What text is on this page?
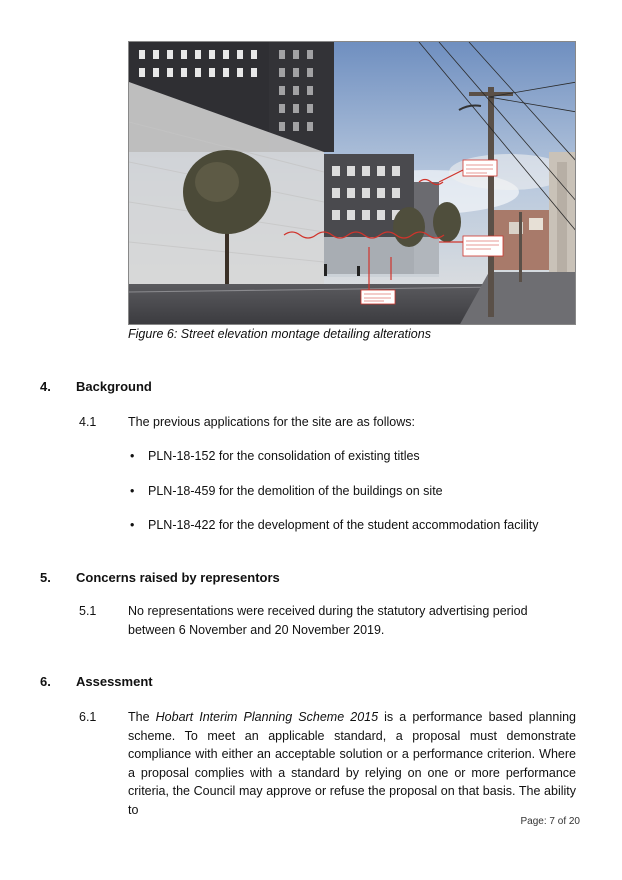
Figure 6: Street elevation montage detailing alterations
4. Background
4.1	The previous applications for the site are as follows:
• PLN-18-152 for the consolidation of existing titles
• PLN-18-459 for the demolition of the buildings on site
• PLN-18-422 for the development of the student accommodation facility
5. Concerns raised by representors
5.1	No representations were received during the statutory advertising period between 6 November and 20 November 2019.
6. Assessment
6.1	The Hobart Interim Planning Scheme 2015 is a performance based planning scheme. To meet an applicable standard, a proposal must demonstrate compliance with either an acceptable solution or a performance criterion. Where a proposal complies with a standard by relying on one or more performance criteria, the Council may approve or refuse the proposal on that basis. The ability to
Page: 7 of 20
